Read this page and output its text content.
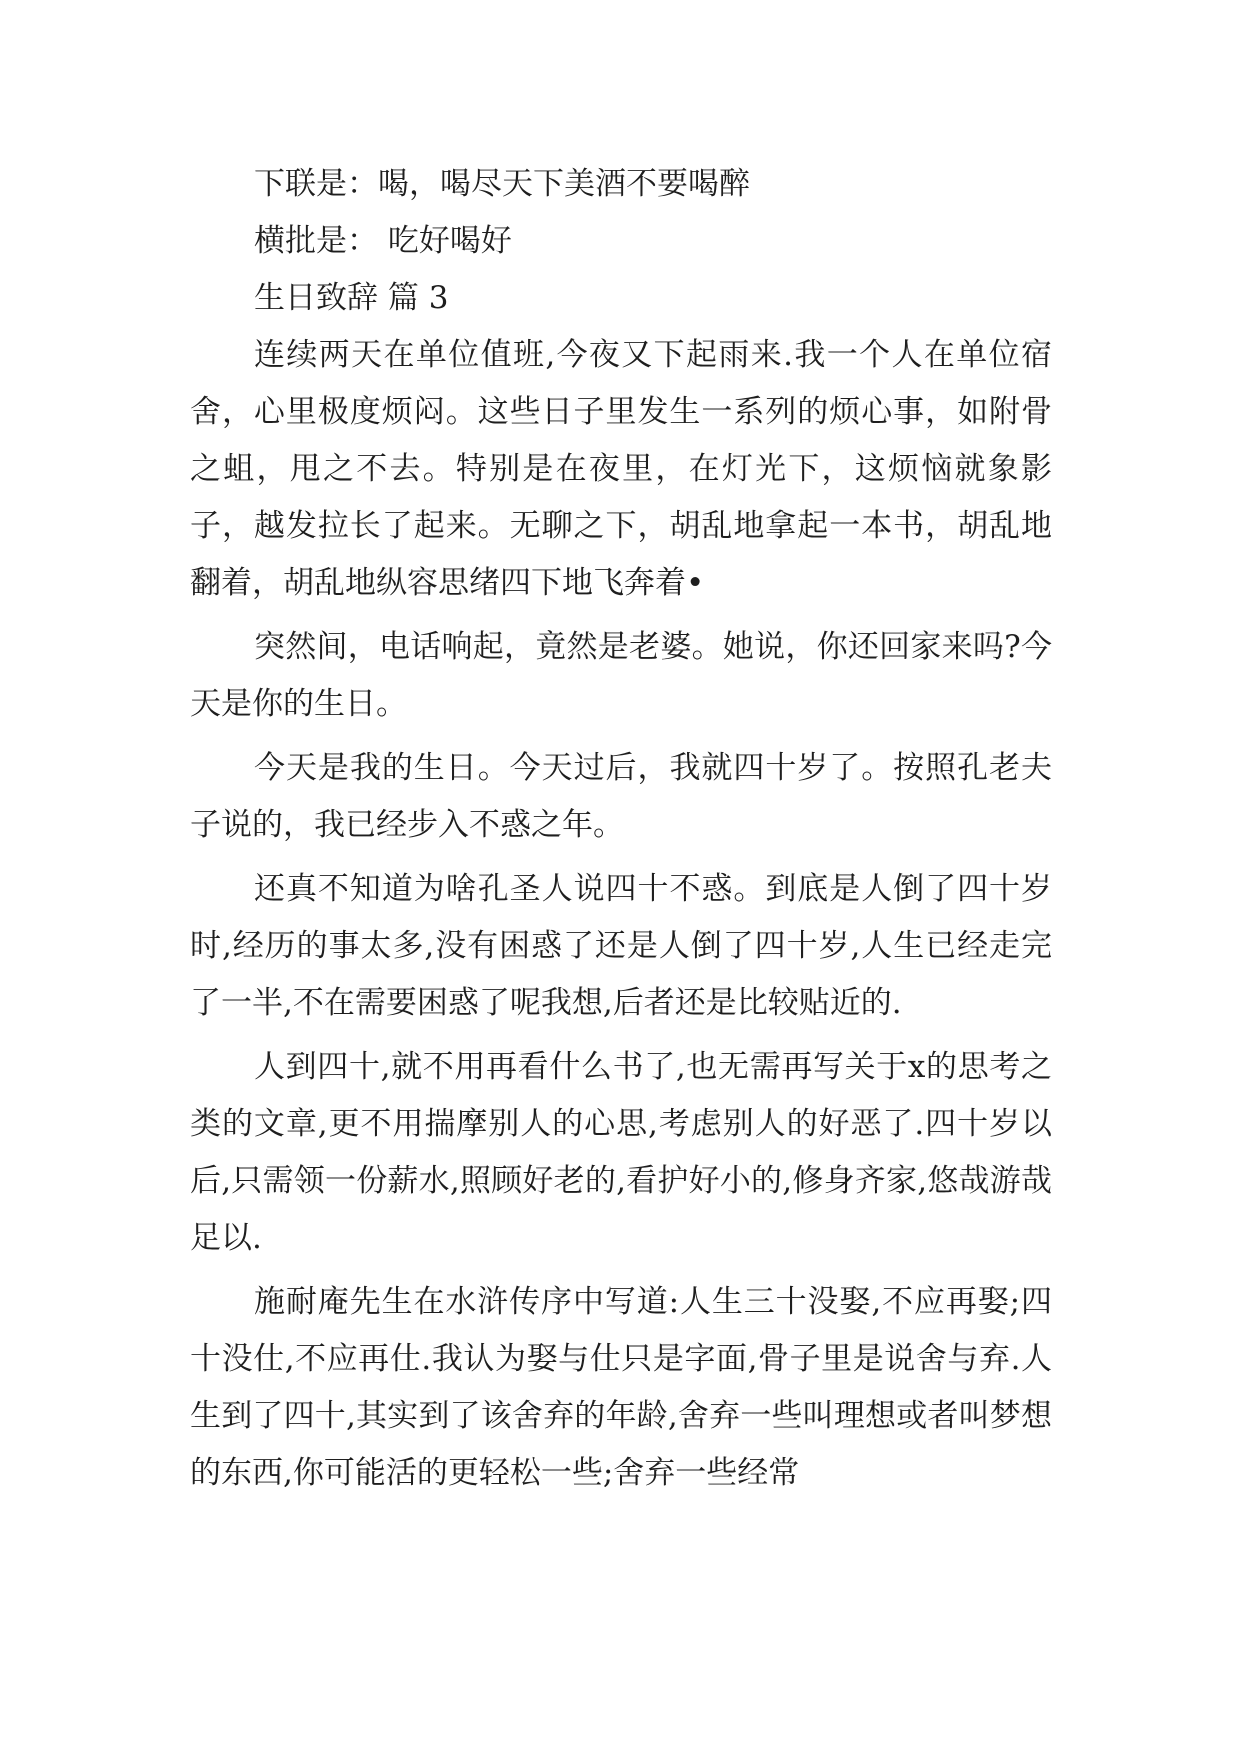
下联是：喝，喝尽天下美酒不要喝醉

横批是： 吃好喝好

生日致辞 篇 3

连续两天在单位值班,今夜又下起雨来.我一个人在单位宿舍，心里极度烦闷。这些日子里发生一系列的烦心事，如附骨之蛆，甩之不去。特别是在夜里，在灯光下，这烦恼就象影子，越发拉长了起来。无聊之下，胡乱地拿起一本书，胡乱地翻着，胡乱地纵容思绪四下地飞奔着•

突然间，电话响起，竟然是老婆。她说，你还回家来吗?今天是你的生日。

今天是我的生日。今天过后，我就四十岁了。按照孔老夫子说的，我已经步入不惑之年。

还真不知道为啥孔圣人说四十不惑。到底是人倒了四十岁时,经历的事太多,没有困惑了还是人倒了四十岁,人生已经走完了一半,不在需要困惑了呢我想,后者还是比较贴近的.

人到四十,就不用再看什么书了,也无需再写关于x的思考之类的文章,更不用揣摩别人的心思,考虑别人的好恶了.四十岁以后,只需领一份薪水,照顾好老的,看护好小的,修身齐家,悠哉游哉足以.

施耐庵先生在水浒传序中写道:人生三十没娶,不应再娶;四十没仕,不应再仕.我认为娶与仕只是字面,骨子里是说舍与弃.人生到了四十,其实到了该舍弃的年龄,舍弃一些叫理想或者叫梦想的东西,你可能活的更轻松一些;舍弃一些经常
